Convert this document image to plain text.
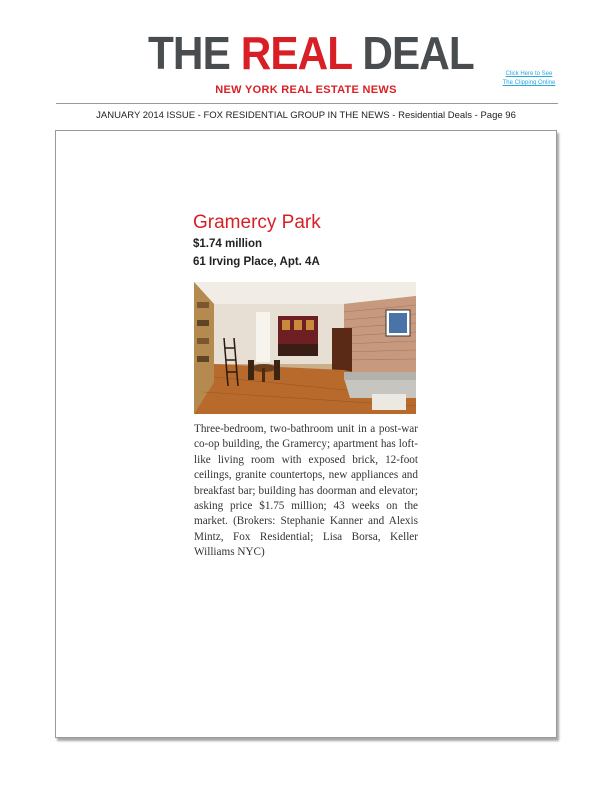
THE REAL DEAL
NEW YORK REAL ESTATE NEWS
Click Here to See
The Clipping Online
JANUARY 2014 ISSUE - FOX RESIDENTIAL GROUP IN THE NEWS - Residential Deals - Page 96
Gramercy Park
$1.74 million
61 Irving Place, Apt. 4A
Three-bedroom, two-bathroom unit in a post-war co-op building, the Gramercy; apartment has loft-like living room with exposed brick, 12-foot ceilings, granite countertops, new appliances and breakfast bar; building has doorman and elevator; asking price $1.75 million; 43 weeks on the market. (Brokers: Stephanie Kanner and Alexis Mintz, Fox Residential; Lisa Borsa, Keller Williams NYC)
